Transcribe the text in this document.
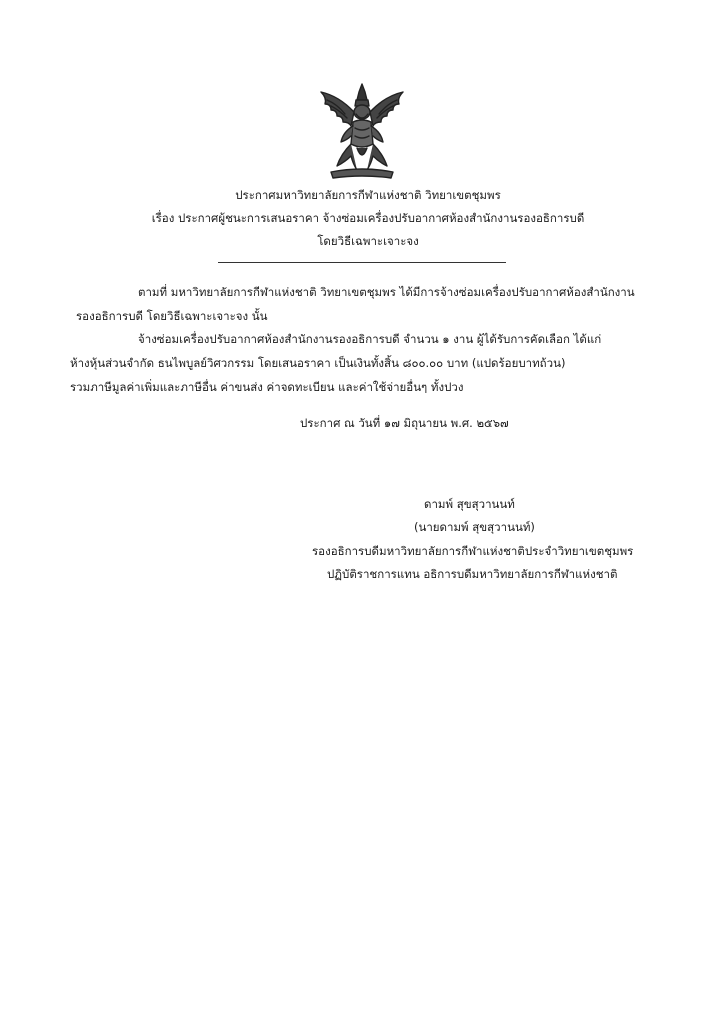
ประกาศมหาวิทยาลัยการกีฬาแห่งชาติ วิทยาเขตชุมพร
เรื่อง ประกาศผู้ชนะการเสนอราคา จ้างซ่อมเครื่องปรับอากาศห้องสำนักงานรองอธิการบดี
โดยวิธีเฉพาะเจาะจง
ตามที่ มหาวิทยาลัยการกีฬาแห่งชาติ วิทยาเขตชุมพร ได้มีการจ้างซ่อมเครื่องปรับอากาศห้องสำนักงาน
รองอธิการบดี โดยวิธีเฉพาะเจาะจง นั้น
จ้างซ่อมเครื่องปรับอากาศห้องสำนักงานรองอธิการบดี จำนวน ๑ งาน ผู้ได้รับการคัดเลือก ได้แก่
ห้างหุ้นส่วนจำกัด ธนไพบูลย์วิศวกรรม โดยเสนอราคา เป็นเงินทั้งสิ้น ๘๐๐.๐๐ บาท (แปดร้อยบาทถ้วน)
รวมภาษีมูลค่าเพิ่มและภาษีอื่น ค่าขนส่ง ค่าจดทะเบียน และค่าใช้จ่ายอื่นๆ ทั้งปวง
ประกาศ ณ วันที่ ๑๗ มิถุนายน พ.ศ. ๒๕๖๗
ดามพ์ สุขสุวานนท์
(นายดามพ์ สุขสุวานนท์)
รองอธิการบดีมหาวิทยาลัยการกีฬาแห่งชาติประจำวิทยาเขตชุมพร
ปฏิบัติราชการแทน อธิการบดีมหาวิทยาลัยการกีฬาแห่งชาติ
